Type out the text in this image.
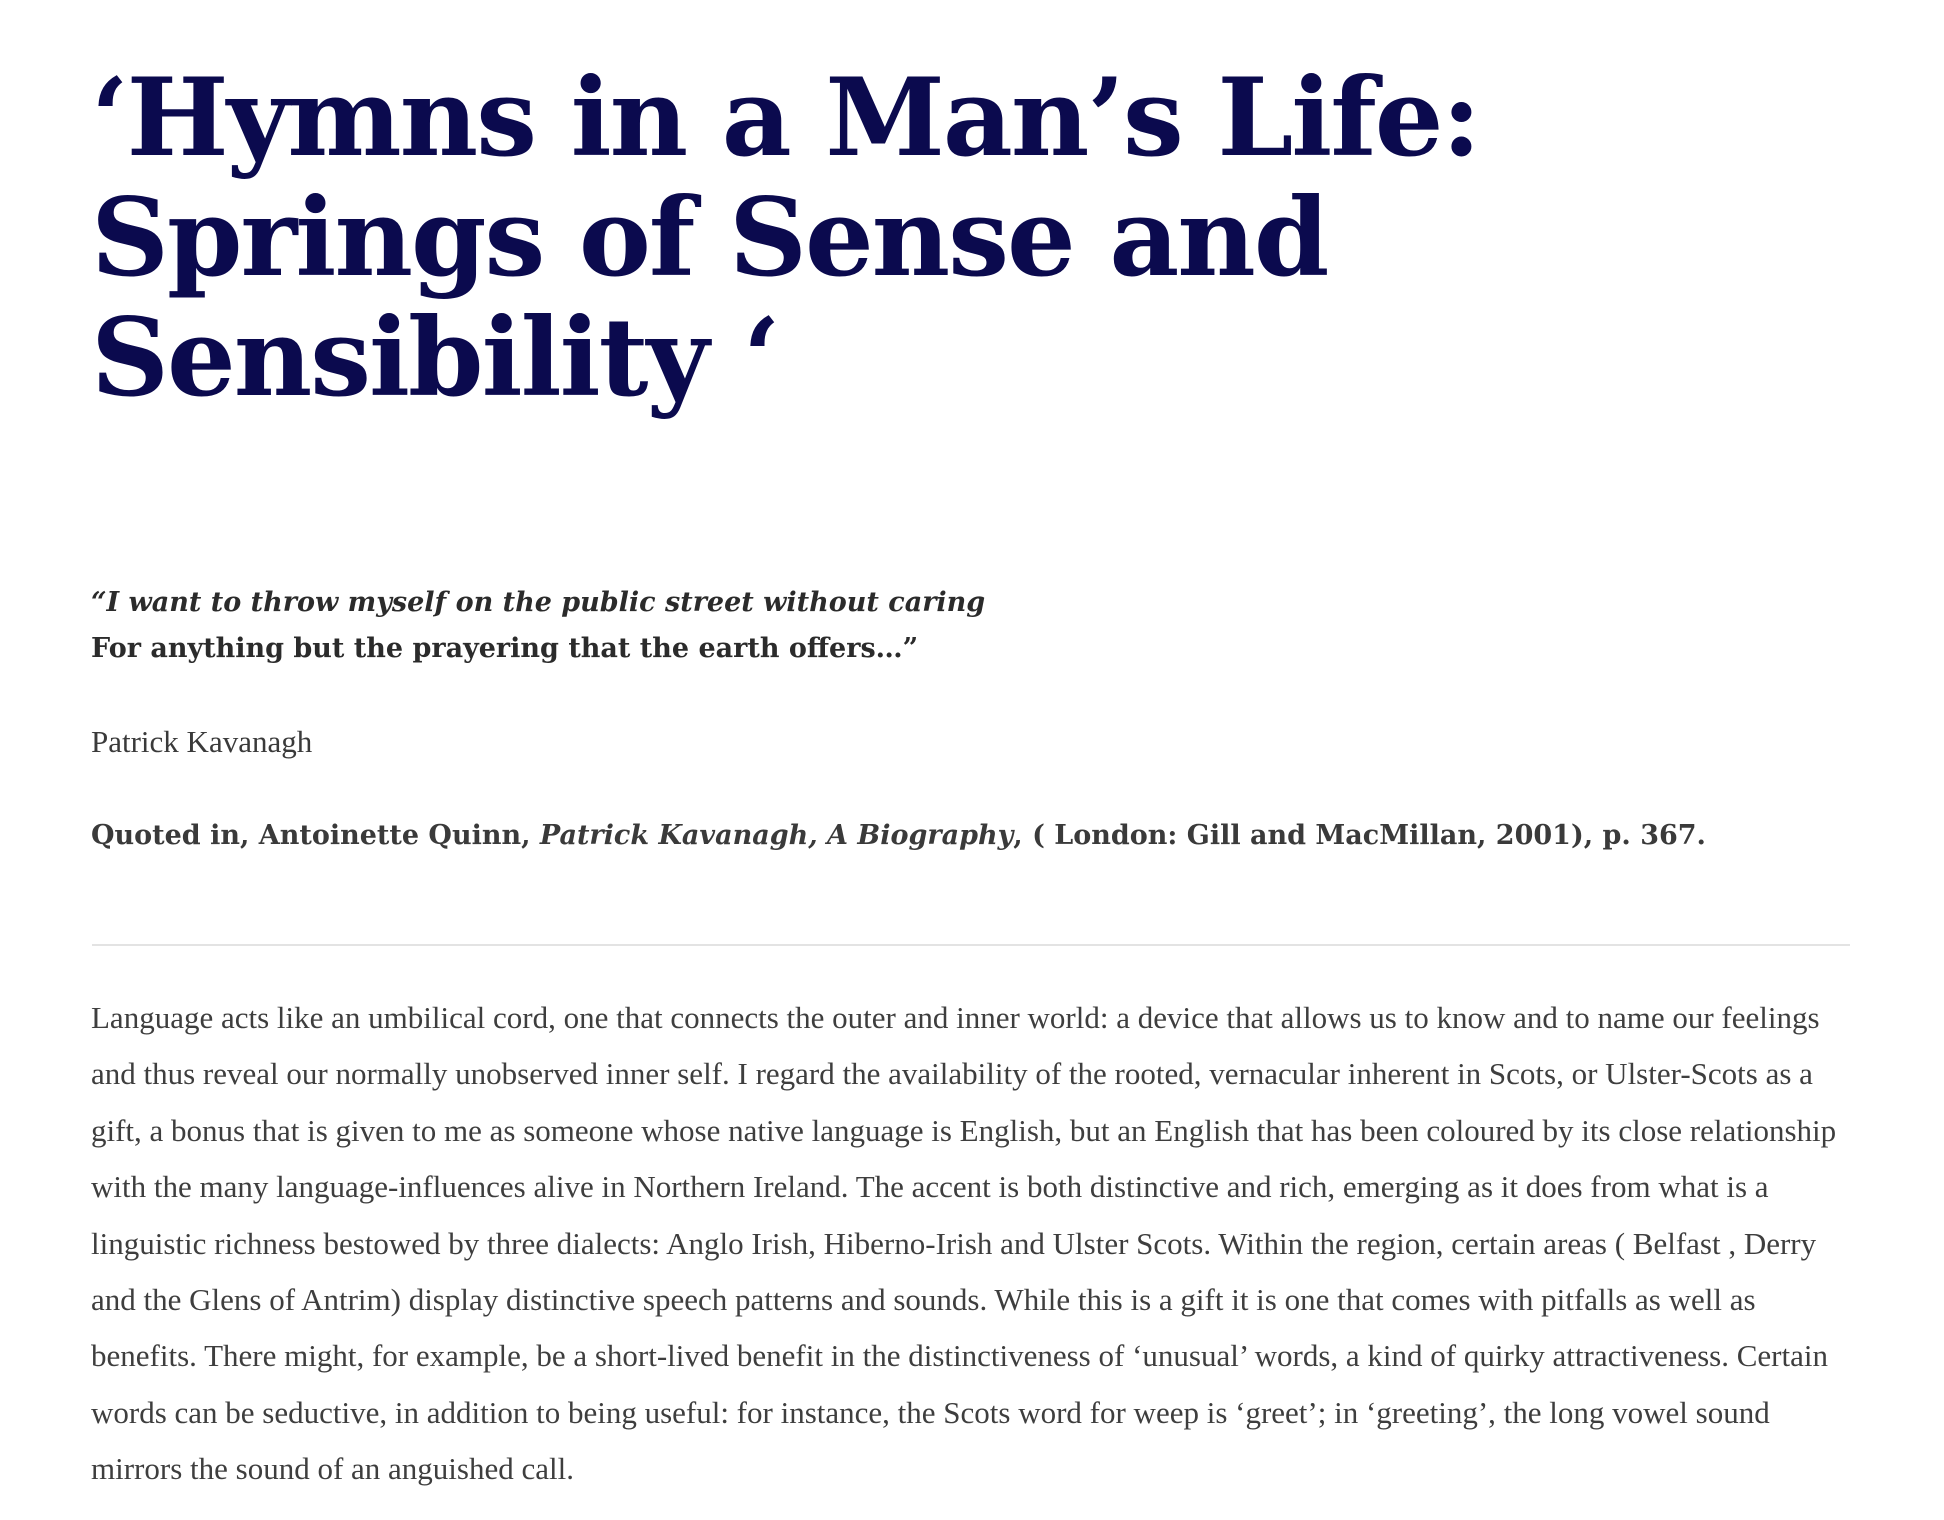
‘Hymns in a Man’s Life: Springs of Sense and Sensibility ‘
“I want to throw myself on the public street without caring
For anything but the prayering that the earth offers…”
Patrick Kavanagh
Quoted in, Antoinette Quinn, Patrick Kavanagh, A Biography, ( London: Gill and MacMillan, 2001), p. 367.

Language acts like an umbilical cord, one that connects the outer and inner world: a device that allows us to know and to name our feelings and thus reveal our normally unobserved inner self. I regard the availability of the rooted, vernacular inherent in Scots, or Ulster-Scots as a gift, a bonus that is given to me as someone whose native language is English, but an English that has been coloured by its close relationship with the many language-influences alive in Northern Ireland. The accent is both distinctive and rich, emerging as it does from what is a linguistic richness bestowed by three dialects: Anglo Irish, Hiberno-Irish and Ulster Scots. Within the region, certain areas ( Belfast , Derry and the Glens of Antrim) display distinctive speech patterns and sounds. While this is a gift it is one that comes with pitfalls as well as benefits. There might, for example, be a short-lived benefit in the distinctiveness of ‘unusual’ words, a kind of quirky attractiveness. Certain words can be seductive, in addition to being useful: for instance, the Scots word for weep is ‘greet’; in ‘greeting’, the long vowel sound mirrors the sound of an anguished call.
